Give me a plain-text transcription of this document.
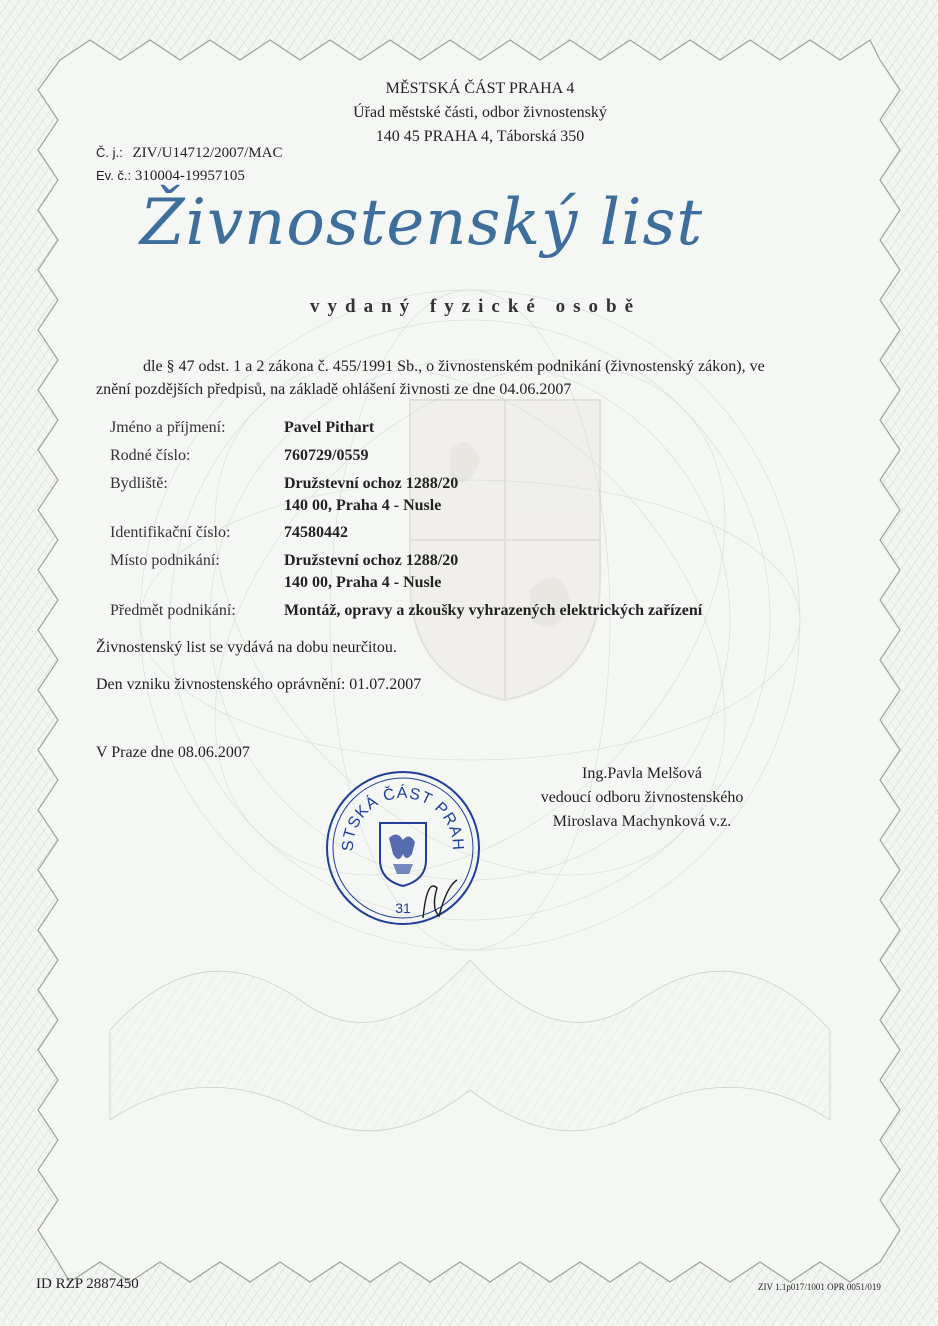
MĚSTSKÁ ČÁST PRAHA 4
Úřad městské části, odbor živnostenský
140 45 PRAHA 4, Táborská 350
Č. j.: ZIV/U14712/2007/MAC
Ev. č.: 310004-19957105
Živnostenský list
vydaný fyzické osobě
dle § 47 odst. 1 a 2 zákona č. 455/1991 Sb., o živnostenském podnikání (živnostenský zákon), ve
znění pozdějších předpisů, na základě ohlášení živnosti ze dne 04.06.2007
Jméno a příjmení:	Pavel Pithart
Rodné číslo:	760729/0559
Bydliště:	Družstevní ochoz 1288/20
140 00, Praha 4 - Nusle
Identifikační číslo:	74580442
Místo podnikání:	Družstevní ochoz 1288/20
140 00, Praha 4 - Nusle
Předmět podnikání:	Montáž, opravy a zkoušky vyhrazených elektrických zařízení
Živnostenský list se vydává na dobu neurčitou.
Den vzniku živnostenského oprávnění: 01.07.2007
V Praze dne 08.06.2007
Ing.Pavla Melšová
vedoucí odboru živnostenského
Miroslava Machynková v.z.
STSKÁ ČÁST PRAH
31
ID RZP 2887450	ZIV 1.1p017/1001 OPR 0051/019
